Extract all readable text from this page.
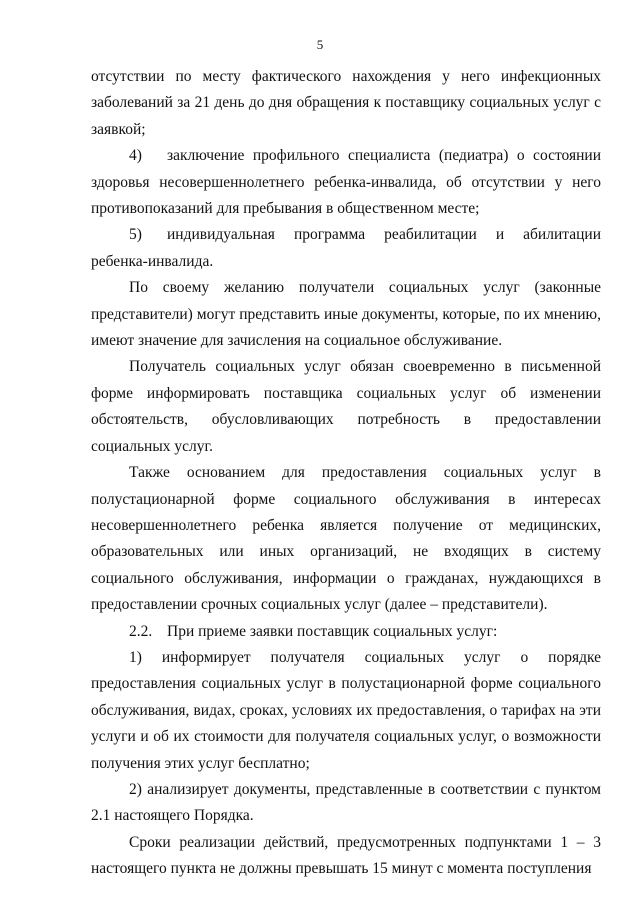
5

отсутствии по месту фактического нахождения у него инфекционных заболеваний за 21 день до дня обращения к поставщику социальных услуг с заявкой;

4) заключение профильного специалиста (педиатра) о состоянии здоровья несовершеннолетнего ребенка-инвалида, об отсутствии у него противопоказаний для пребывания в общественном месте;

5) индивидуальная программа реабилитации и абилитации ребенка-инвалида.

По своему желанию получатели социальных услуг (законные представители) могут представить иные документы, которые, по их мнению, имеют значение для зачисления на социальное обслуживание.

Получатель социальных услуг обязан своевременно в письменной форме информировать поставщика социальных услуг об изменении обстоятельств, обусловливающих потребность в предоставлении социальных услуг.

Также основанием для предоставления социальных услуг в полустационарной форме социального обслуживания в интересах несовершеннолетнего ребенка является получение от медицинских, образовательных или иных организаций, не входящих в систему социального обслуживания, информации о гражданах, нуждающихся в предоставлении срочных социальных услуг (далее – представители).

2.2. При приеме заявки поставщик социальных услуг:

1) информирует получателя социальных услуг о порядке предоставления социальных услуг в полустационарной форме социального обслуживания, видах, сроках, условиях их предоставления, о тарифах на эти услуги и об их стоимости для получателя социальных услуг, о возможности получения этих услуг бесплатно;

2) анализирует документы, представленные в соответствии с пунктом 2.1 настоящего Порядка.

Сроки реализации действий, предусмотренных подпунктами 1 – 3 настоящего пункта не должны превышать 15 минут с момента поступления
